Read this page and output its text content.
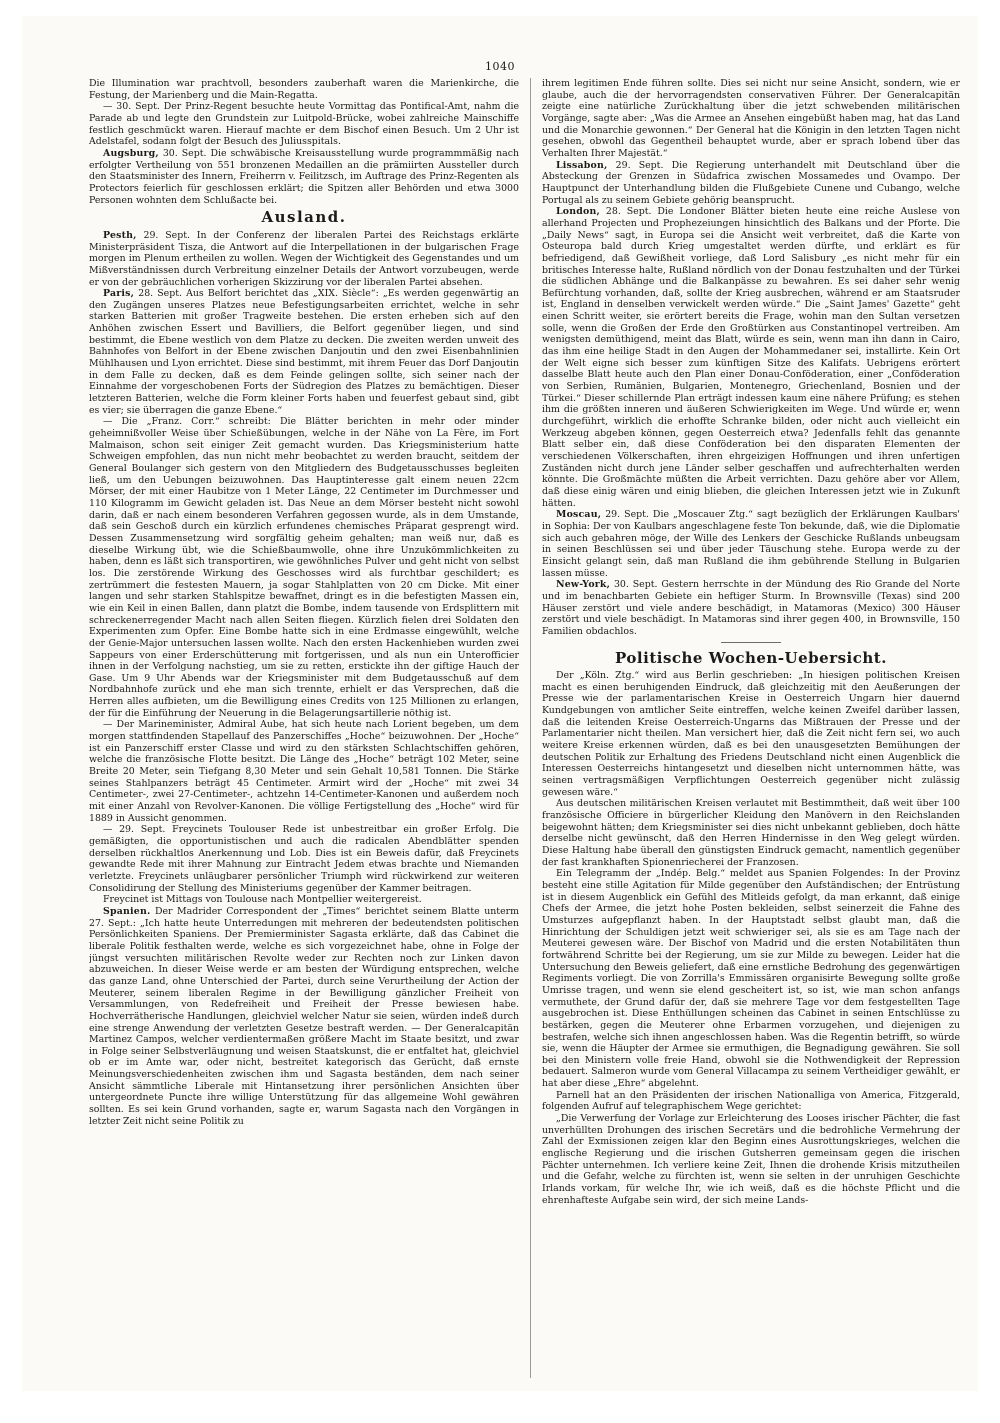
1040

Die Illumination war prachtvoll, besonders zauberhaft waren die Marienkirche, die Festung, der Marienberg und die Main-Regatta.

— 30. Sept. Der Prinz-Regent besuchte heute Vormittag das Pontifical-Amt, nahm die Parade ab und legte den Grundstein zur Luitpold-Brücke, wobei zahlreiche Mainschiffe festlich geschmückt waren. Hierauf machte er dem Bischof einen Besuch. Um 2 Uhr ist Adelstafel, sodann folgt der Besuch des Juliusspitals.

Augsburg, 30. Sept. Die schwäbische Kreisausstellung wurde programmmäßig nach erfolgter Vertheilung von 551 bronzenen Medaillen an die prämiirten Aussteller durch den Staatsminister des Innern, Freiherrn v. Feilitzsch, im Auftrage des Prinz-Regenten als Protectors feierlich für geschlossen erklärt; die Spitzen aller Behörden und etwa 3000 Personen wohnten dem Schlußacte bei.

Ausland.

Pesth, 29. Sept. In der Conferenz der liberalen Partei des Reichstags erklärte Ministerpräsident Tisza, die Antwort auf die Interpellationen in der bulgarischen Frage morgen im Plenum ertheilen zu wollen. Wegen der Wichtigkeit des Gegenstandes und um Mißverständnissen durch Verbreitung einzelner Details der Antwort vorzubeugen, werde er von der gebräuchlichen vorherigen Skizzirung vor der liberalen Partei absehen.

Paris, 28. Sept. Aus Belfort berichtet das „XIX. Siècle“: „Es werden gegenwärtig an den Zugängen unseres Platzes neue Befestigungsarbeiten errichtet, welche in sehr starken Batterien mit großer Tragweite bestehen. Die ersten erheben sich auf den Anhöhen zwischen Essert und Bavilliers, die Belfort gegenüber liegen, und sind bestimmt, die Ebene westlich von dem Platze zu decken. Die zweiten werden unweit des Bahnhofes von Belfort in der Ebene zwischen Danjoutin und den zwei Eisenbahnlinien Mühlhausen und Lyon errichtet. Diese sind bestimmt, mit ihrem Feuer das Dorf Danjoutin in dem Falle zu decken, daß es dem Feinde gelingen sollte, sich seiner nach der Einnahme der vorgeschobenen Forts der Südregion des Platzes zu bemächtigen. Dieser letzteren Batterien, welche die Form kleiner Forts haben und feuerfest gebaut sind, gibt es vier; sie überragen die ganze Ebene.“

— Die „Franz. Corr.“ schreibt: Die Blätter berichten in mehr oder minder geheimnißvoller Weise über Schießübungen, welche in der Nähe von La Fère, im Fort Malmaison, schon seit einiger Zeit gemacht wurden. Das Kriegsministerium hatte Schweigen empfohlen, das nun nicht mehr beobachtet zu werden braucht, seitdem der General Boulanger sich gestern von den Mitgliedern des Budgetausschusses begleiten ließ, um den Uebungen beizuwohnen. Das Hauptinteresse galt einem neuen 22cm Mörser, der mit einer Haubitze von 1 Meter Länge, 22 Centimeter im Durchmesser und 110 Kilogramm im Gewicht geladen ist. Das Neue an dem Mörser besteht nicht sowohl darin, daß er nach einem besonderen Verfahren gegossen wurde, als in dem Umstande, daß sein Geschoß durch ein kürzlich erfundenes chemisches Präparat gesprengt wird. Dessen Zusammensetzung wird sorgfältig geheim gehalten; man weiß nur, daß es dieselbe Wirkung übt, wie die Schießbaumwolle, ohne ihre Unzukömmlichkeiten zu haben, denn es läßt sich transportiren, wie gewöhnliches Pulver und geht nicht von selbst los. Die zerstörende Wirkung des Geschosses wird als furchtbar geschildert; es zertrümmert die festesten Mauern, ja sogar Stahlplatten von 20 cm Dicke. Mit einer langen und sehr starken Stahlspitze bewaffnet, dringt es in die befestigten Massen ein, wie ein Keil in einen Ballen, dann platzt die Bombe, indem tausende von Erdsplittern mit schreckenerregender Macht nach allen Seiten fliegen. Kürzlich fielen drei Soldaten den Experimenten zum Opfer. Eine Bombe hatte sich in eine Erdmasse eingewühlt, welche der Genie-Major untersuchen lassen wollte. Nach den ersten Hackenhieben wurden zwei Sappeurs von einer Erderschütterung mit fortgerissen, und als nun ein Unterofficier ihnen in der Verfolgung nachstieg, um sie zu retten, erstickte ihn der giftige Hauch der Gase. Um 9 Uhr Abends war der Kriegsminister mit dem Budgetausschuß auf dem Nordbahnhofe zurück und ehe man sich trennte, erhielt er das Versprechen, daß die Herren alles aufbieten, um die Bewilligung eines Credits von 125 Millionen zu erlangen, der für die Einführung der Neuerung in die Belagerungsartillerie nöthig ist.

— Der Marineminister, Admiral Aube, hat sich heute nach Lorient begeben, um dem morgen stattfindenden Stapellauf des Panzerschiffes „Hoche“ beizuwohnen. Der „Hoche“ ist ein Panzerschiff erster Classe und wird zu den stärksten Schlachtschiffen gehören, welche die französische Flotte besitzt. Die Länge des „Hoche“ beträgt 102 Meter, seine Breite 20 Meter, sein Tiefgang 8,30 Meter und sein Gehalt 10,581 Tonnen. Die Stärke seines Stahlpanzers beträgt 45 Centimeter. Armirt wird der „Hoche“ mit zwei 34 Centimeter-, zwei 27-Centimeter-, achtzehn 14-Centimeter-Kanonen und außerdem noch mit einer Anzahl von Revolver-Kanonen. Die völlige Fertigstellung des „Hoche“ wird für 1889 in Aussicht genommen.

— 29. Sept. Freycinets Toulouser Rede ist unbestreitbar ein großer Erfolg. Die gemäßigten, die opportunistischen und auch die radicalen Abendblätter spenden derselben rückhaltlos Anerkennung und Lob. Dies ist ein Beweis dafür, daß Freycinets gewandte Rede mit ihrer Mahnung zur Eintracht Jedem etwas brachte und Niemanden verletzte. Freycinets unläugbarer persönlicher Triumph wird rückwirkend zur weiteren Consolidirung der Stellung des Ministeriums gegenüber der Kammer beitragen.

Freycinet ist Mittags von Toulouse nach Montpellier weitergereist.

Spanien. Der Madrider Correspondent der „Times“ berichtet seinem Blatte unterm 27. Sept.: „Ich hatte heute Unterredungen mit mehreren der bedeutendsten politischen Persönlichkeiten Spaniens. Der Premierminister Sagasta erklärte, daß das Cabinet die liberale Politik festhalten werde, welche es sich vorgezeichnet habe, ohne in Folge der jüngst versuchten militärischen Revolte weder zur Rechten noch zur Linken davon abzuweichen. In dieser Weise werde er am besten der Würdigung entsprechen, welche das ganze Land, ohne Unterschied der Partei, durch seine Verurtheilung der Action der Meuterer, seinem liberalen Regime in der Bewilligung gänzlicher Freiheit von Versammlungen, von Redefreiheit und Freiheit der Presse bewiesen habe. Hochverrätherische Handlungen, gleichviel welcher Natur sie seien, würden indeß durch eine strenge Anwendung der verletzten Gesetze bestraft werden. — Der Generalcapitän Martinez Campos, welcher verdientermaßen größere Macht im Staate besitzt, und zwar in Folge seiner Selbstverläugnung und weisen Staatskunst, die er entfaltet hat, gleichviel ob er im Amte war, oder nicht, bestreitet kategorisch das Gerücht, daß ernste Meinungsverschiedenheiten zwischen ihm und Sagasta beständen, dem nach seiner Ansicht sämmtliche Liberale mit Hintansetzung ihrer persönlichen Ansichten über untergeordnete Puncte ihre willige Unterstützung für das allgemeine Wohl gewähren sollten. Es sei kein Grund vorhanden, sagte er, warum Sagasta nach den Vorgängen in letzter Zeit nicht seine Politik zu

ihrem legitimen Ende führen sollte. Dies sei nicht nur seine Ansicht, sondern, wie er glaube, auch die der hervorragendsten conservativen Führer. Der Generalcapitän zeigte eine natürliche Zurückhaltung über die jetzt schwebenden militärischen Vorgänge, sagte aber: „Was die Armee an Ansehen eingebüßt haben mag, hat das Land und die Monarchie gewonnen.“ Der General hat die Königin in den letzten Tagen nicht gesehen, obwohl das Gegentheil behauptet wurde, aber er sprach lobend über das Verhalten Ihrer Majestät.“

Lissabon, 29. Sept. Die Regierung unterhandelt mit Deutschland über die Absteckung der Grenzen in Südafrica zwischen Mossamedes und Ovampo. Der Hauptpunct der Unterhandlung bilden die Flußgebiete Cunene und Cubango, welche Portugal als zu seinem Gebiete gehörig beansprucht.

London, 28. Sept. Die Londoner Blätter bieten heute eine reiche Auslese von allerhand Projecten und Prophezeiungen hinsichtlich des Balkans und der Pforte. Die „Daily News“ sagt, in Europa sei die Ansicht weit verbreitet, daß die Karte von Osteuropa bald durch Krieg umgestaltet werden dürfte, und erklärt es für befriedigend, daß Gewißheit vorliege, daß Lord Salisbury „es nicht mehr für ein britisches Interesse halte, Rußland nördlich von der Donau festzuhalten und der Türkei die südlichen Abhänge und die Balkanpässe zu bewahren. Es sei daher sehr wenig Befürchtung vorhanden, daß, sollte der Krieg ausbrechen, während er am Staatsruder ist, England in denselben verwickelt werden würde.“ Die „Saint James' Gazette“ geht einen Schritt weiter, sie erörtert bereits die Frage, wohin man den Sultan versetzen solle, wenn die Großen der Erde den Großtürken aus Constantinopel vertreiben. Am wenigsten demüthigend, meint das Blatt, würde es sein, wenn man ihn dann in Cairo, das ihm eine heilige Stadt in den Augen der Mohammedaner sei, installirte. Kein Ort der Welt eigne sich besser zum künftigen Sitze des Kalifats. Uebrigens erörtert dasselbe Blatt heute auch den Plan einer Donau-Conföderation, einer „Conföderation von Serbien, Rumänien, Bulgarien, Montenegro, Griechenland, Bosnien und der Türkei.“ Dieser schillernde Plan erträgt indessen kaum eine nähere Prüfung; es stehen ihm die größten inneren und äußeren Schwierigkeiten im Wege. Und würde er, wenn durchgeführt, wirklich die erhoffte Schranke bilden, oder nicht auch vielleicht ein Werkzeug abgeben können, gegen Oesterreich etwa? Jedenfalls fehlt das genannte Blatt selber ein, daß diese Conföderation bei den disparaten Elementen der verschiedenen Völkerschaften, ihren ehrgeizigen Hoffnungen und ihren unfertigen Zuständen nicht durch jene Länder selber geschaffen und aufrechterhalten werden könnte. Die Großmächte müßten die Arbeit verrichten. Dazu gehöre aber vor Allem, daß diese einig wären und einig blieben, die gleichen Interessen jetzt wie in Zukunft hätten.

Moscau, 29. Sept. Die „Moscauer Ztg.“ sagt bezüglich der Erklärungen Kaulbars' in Sophia: Der von Kaulbars angeschlagene feste Ton bekunde, daß, wie die Diplomatie sich auch gebahren möge, der Wille des Lenkers der Geschicke Rußlands unbeugsam in seinen Beschlüssen sei und über jeder Täuschung stehe. Europa werde zu der Einsicht gelangt sein, daß man Rußland die ihm gebührende Stellung in Bulgarien lassen müsse.

New-York, 30. Sept. Gestern herrschte in der Mündung des Rio Grande del Norte und im benachbarten Gebiete ein heftiger Sturm. In Brownsville (Texas) sind 200 Häuser zerstört und viele andere beschädigt, in Matamoras (Mexico) 300 Häuser zerstört und viele beschädigt. In Matamoras sind ihrer gegen 400, in Brownsville, 150 Familien obdachlos.

Politische Wochen-Uebersicht.

Der „Köln. Ztg.“ wird aus Berlin geschrieben: „In hiesigen politischen Kreisen macht es einen beruhigenden Eindruck, daß gleichzeitig mit den Aeußerungen der Presse wie der parlamentarischen Kreise in Oesterreich Ungarn hier dauernd Kundgebungen von amtlicher Seite eintreffen, welche keinen Zweifel darüber lassen, daß die leitenden Kreise Oesterreich-Ungarns das Mißtrauen der Presse und der Parlamentarier nicht theilen. Man versichert hier, daß die Zeit nicht fern sei, wo auch weitere Kreise erkennen würden, daß es bei den unausgesetzten Bemühungen der deutschen Politik zur Erhaltung des Friedens Deutschland nicht einen Augenblick die Interessen Oesterreichs hintangesetzt und dieselben nicht unternommen hätte, was seinen vertragsmäßigen Verpflichtungen Oesterreich gegenüber nicht zulässig gewesen wäre.“

Aus deutschen militärischen Kreisen verlautet mit Bestimmtheit, daß weit über 100 französische Officiere in bürgerlicher Kleidung den Manövern in den Reichslanden beigewohnt hätten; dem Kriegsminister sei dies nicht unbekannt geblieben, doch hätte derselbe nicht gewünscht, daß den Herren Hindernisse in den Weg gelegt würden. Diese Haltung habe überall den günstigsten Eindruck gemacht, namentlich gegenüber der fast krankhaften Spionenriecherei der Franzosen.

Ein Telegramm der „Indép. Belg.“ meldet aus Spanien Folgendes: In der Provinz besteht eine stille Agitation für Milde gegenüber den Aufständischen; der Entrüstung ist in diesem Augenblick ein Gefühl des Mitleids gefolgt, da man erkannt, daß einige Chefs der Armee, die jetzt hohe Posten bekleiden, selbst seinerzeit die Fahne des Umsturzes aufgepflanzt haben. In der Hauptstadt selbst glaubt man, daß die Hinrichtung der Schuldigen jetzt weit schwieriger sei, als sie es am Tage nach der Meuterei gewesen wäre. Der Bischof von Madrid und die ersten Notabilitäten thun fortwährend Schritte bei der Regierung, um sie zur Milde zu bewegen. Leider hat die Untersuchung den Beweis geliefert, daß eine ernstliche Bedrohung des gegenwärtigen Regiments vorliegt. Die von Zorrilla's Emmissären organisirte Bewegung sollte große Umrisse tragen, und wenn sie elend gescheitert ist, so ist, wie man schon anfangs vermuthete, der Grund dafür der, daß sie mehrere Tage vor dem festgestellten Tage ausgebrochen ist. Diese Enthüllungen scheinen das Cabinet in seinen Entschlüsse zu bestärken, gegen die Meuterer ohne Erbarmen vorzugehen, und diejenigen zu bestrafen, welche sich ihnen angeschlossen haben. Was die Regentin betrifft, so würde sie, wenn die Häupter der Armee sie ermuthigen, die Begnadigung gewähren. Sie soll bei den Ministern volle freie Hand, obwohl sie die Nothwendigkeit der Repression bedauert. Salmeron wurde vom General Villacampa zu seinem Vertheidiger gewählt, er hat aber diese „Ehre“ abgelehnt.

Parnell hat an den Präsidenten der irischen Nationalliga von America, Fitzgerald, folgenden Aufruf auf telegraphischem Wege gerichtet:

„Die Verwerfung der Vorlage zur Erleichterung des Looses irischer Pächter, die fast unverhüllten Drohungen des irischen Secretärs und die bedrohliche Vermehrung der Zahl der Exmissionen zeigen klar den Beginn eines Ausrottungskrieges, welchen die englische Regierung und die irischen Gutsherren gemeinsam gegen die irischen Pächter unternehmen. Ich verliere keine Zeit, Ihnen die drohende Krisis mitzutheilen und die Gefahr, welche zu fürchten ist, wenn sie selten in der unruhigen Geschichte Irlands vorkam, für welche Ihr, wie ich weiß, daß es die höchste Pflicht und die ehrenhafteste Aufgabe sein wird, der sich meine Lands-
